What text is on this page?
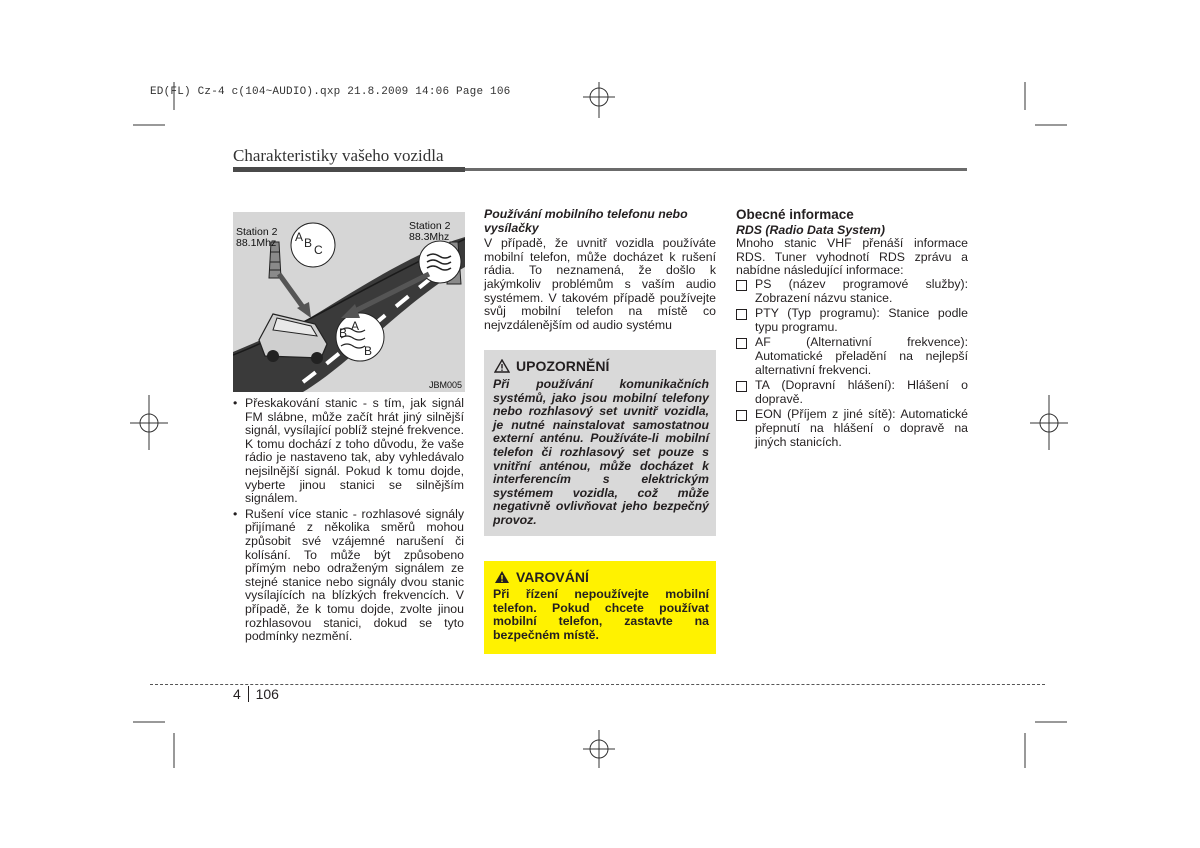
ED(FL) Cz-4 c(104~AUDIO).qxp 21.8.2009 14:06 Page 106
Charakteristiky vašeho vozidla
A B C
A
B
B
Station 2
88.1Mhz
Station 2
88.3Mhz
JBM005
• Přeskakování stanic - s tím, jak signál FM slábne, může začít hrát jiný silnější signál, vysílající poblíž stejné frekvence. K tomu dochází z toho důvodu, že vaše rádio je nastaveno tak, aby vyhledávalo nejsilnější signál. Pokud k tomu dojde, vyberte jinou stanici se silnějším signálem.
• Rušení více stanic - rozhlasové signály přijímané z několika směrů mohou způsobit své vzájemné narušení či kolísání. To může být způsobeno přímým nebo odraženým signálem ze stejné stanice nebo signály dvou stanic vysílajících na blízkých frekvencích. V případě, že k tomu dojde, zvolte jinou rozhlasovou stanici, dokud se tyto podmínky nezmění.
Používání mobilního telefonu nebo vysílačky
V případě, že uvnitř vozidla používáte mobilní telefon, může docházet k rušení rádia. To neznamená, že došlo k jakýmkoliv problémům s vaším audio systémem. V takovém případě používejte svůj mobilní telefon na místě co nejvzdálenějším od audio systému
UPOZORNĚNÍ
Při používání komunikačních systémů, jako jsou mobilní telefony nebo rozhlasový set uvnitř vozidla, je nutné nainstalovat samostatnou externí anténu. Používáte-li mobilní telefon či rozhlasový set pouze s vnitřní anténou, může docházet k interferencím s elektrickým systémem vozidla, což může negativně ovlivňovat jeho bezpečný provoz.
VAROVÁNÍ
Při řízení nepoužívejte mobilní telefon. Pokud chcete používat mobilní telefon, zastavte na bezpečném místě.
Obecné informace
RDS (Radio Data System)
Mnoho stanic VHF přenáší informace RDS. Tuner vyhodnotí RDS zprávu a nabídne následující informace:
PS (název programové služby): Zobrazení názvu stanice.
PTY (Typ programu): Stanice podle typu programu.
AF (Alternativní frekvence): Automatické přeladění na nejlepší alternativní frekvenci.
TA (Dopravní hlášení): Hlášení o dopravě.
EON (Příjem z jiné sítě): Automatické přepnutí na hlášení o dopravě na jiných stanicích.
4 106
